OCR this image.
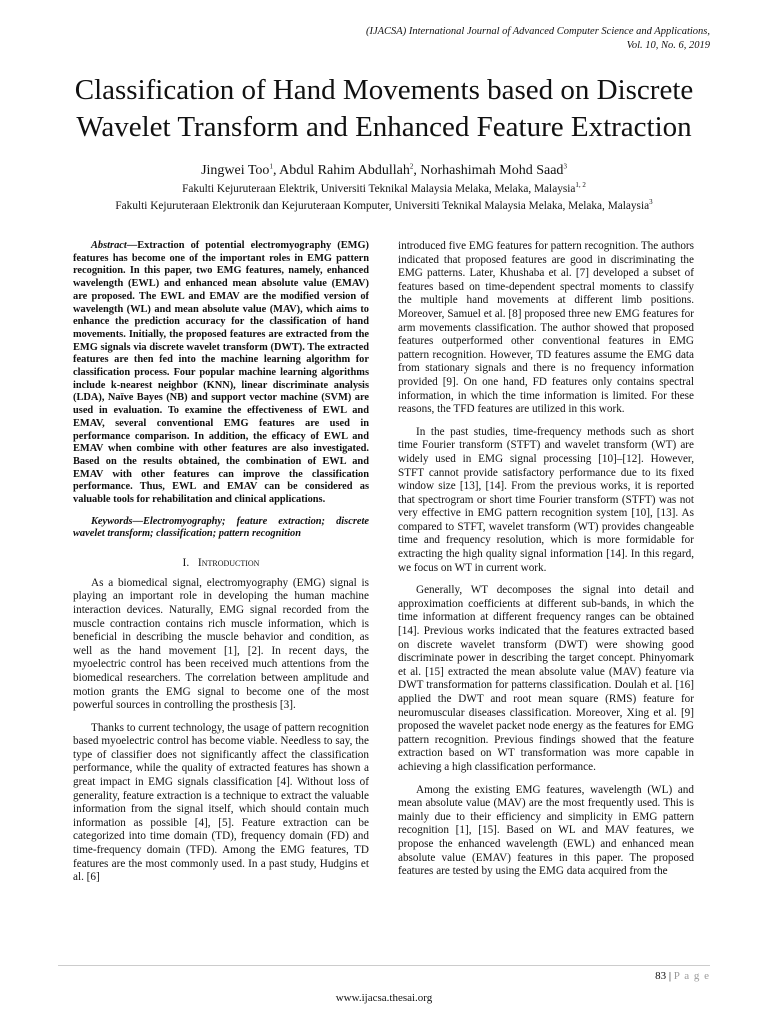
(IJACSA) International Journal of Advanced Computer Science and Applications,
Vol. 10, No. 6, 2019
Classification of Hand Movements based on Discrete
Wavelet Transform and Enhanced Feature Extraction
Jingwei Too$^1$, Abdul Rahim Abdullah$^2$, Norhashimah Mohd Saad$^3$
Fakulti Kejuruteraan Elektrik, Universiti Teknikal Malaysia Melaka, Melaka, Malaysia$^{1, 2}$
Fakulti Kejuruteraan Elektronik dan Kejuruteraan Komputer, Universiti Teknikal Malaysia Melaka, Melaka, Malaysia$^3$

Abstract—Extraction of potential electromyography (EMG) features has become one of the important roles in EMG pattern recognition. In this paper, two EMG features, namely, enhanced wavelength (EWL) and enhanced mean absolute value (EMAV) are proposed. The EWL and EMAV are the modified version of wavelength (WL) and mean absolute value (MAV), which aims to enhance the prediction accuracy for the classification of hand movements. Initially, the proposed features are extracted from the EMG signals via discrete wavelet transform (DWT). The extracted features are then fed into the machine learning algorithm for classification process. Four popular machine learning algorithms include k-nearest neighbor (KNN), linear discriminate analysis (LDA), Naïve Bayes (NB) and support vector machine (SVM) are used in evaluation. To examine the effectiveness of EWL and EMAV, several conventional EMG features are used in performance comparison. In addition, the efficacy of EWL and EMAV when combine with other features are also investigated. Based on the results obtained, the combination of EWL and EMAV with other features can improve the classification performance. Thus, EWL and EMAV can be considered as valuable tools for rehabilitation and clinical applications.

Keywords—Electromyography; feature extraction; discrete wavelet transform; classification; pattern recognition

I. Introduction

As a biomedical signal, electromyography (EMG) signal is playing an important role in developing the human machine interaction devices. Naturally, EMG signal recorded from the muscle contraction contains rich muscle information, which is beneficial in describing the muscle behavior and condition, as well as the hand movement [1], [2]. In recent days, the myoelectric control has been received much attentions from the biomedical researchers. The correlation between amplitude and motion grants the EMG signal to become one of the most powerful sources in controlling the prosthesis [3].

Thanks to current technology, the usage of pattern recognition based myoelectric control has become viable. Needless to say, the type of classifier does not significantly affect the classification performance, while the quality of extracted features has shown a great impact in EMG signals classification [4]. Without loss of generality, feature extraction is a technique to extract the valuable information from the signal itself, which should contain much information as possible [4], [5]. Feature extraction can be categorized into time domain (TD), frequency domain (FD) and time-frequency domain (TFD). Among the EMG features, TD features are the most commonly used. In a past study, Hudgins et al. [6]

introduced five EMG features for pattern recognition. The authors indicated that proposed features are good in discriminating the EMG patterns. Later, Khushaba et al. [7] developed a subset of features based on time-dependent spectral moments to classify the multiple hand movements at different limb positions. Moreover, Samuel et al. [8] proposed three new EMG features for arm movements classification. The author showed that proposed features outperformed other conventional features in EMG pattern recognition. However, TD features assume the EMG data from stationary signals and there is no frequency information provided [9]. On one hand, FD features only contains spectral information, in which the time information is limited. For these reasons, the TFD features are utilized in this work.

In the past studies, time-frequency methods such as short time Fourier transform (STFT) and wavelet transform (WT) are widely used in EMG signal processing [10]–[12]. However, STFT cannot provide satisfactory performance due to its fixed window size [13], [14]. From the previous works, it is reported that spectrogram or short time Fourier transform (STFT) was not very effective in EMG pattern recognition system [10], [13]. As compared to STFT, wavelet transform (WT) provides changeable time and frequency resolution, which is more formidable for extracting the high quality signal information [14]. In this regard, we focus on WT in current work.

Generally, WT decomposes the signal into detail and approximation coefficients at different sub-bands, in which the time information at different frequency ranges can be obtained [14]. Previous works indicated that the features extracted based on discrete wavelet transform (DWT) were showing good discriminate power in describing the target concept. Phinyomark et al. [15] extracted the mean absolute value (MAV) feature via DWT transformation for patterns classification. Doulah et al. [16] applied the DWT and root mean square (RMS) feature for neuromuscular diseases classification. Moreover, Xing et al. [9] proposed the wavelet packet node energy as the features for EMG pattern recognition. Previous findings showed that the feature extraction based on WT transformation was more capable in achieving a high classification performance.

Among the existing EMG features, wavelength (WL) and mean absolute value (MAV) are the most frequently used. This is mainly due to their efficiency and simplicity in EMG pattern recognition [1], [15]. Based on WL and MAV features, we propose the enhanced wavelength (EWL) and enhanced mean absolute value (EMAV) features in this paper. The proposed features are tested by using the EMG data acquired from the

83 | P a g e
www.ijacsa.thesai.org
